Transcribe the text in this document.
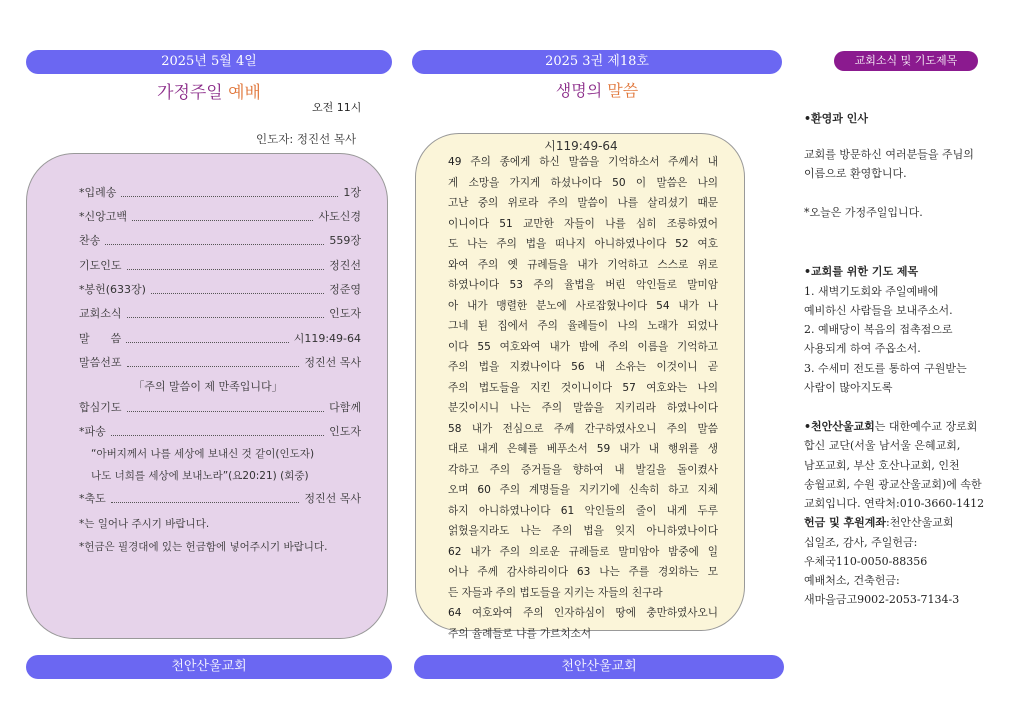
2025년 5월 4일
가정주일 예배
오전 11시
인도자: 정진선 목사
*입례송	1장
*신앙고백	사도신경
찬송	559장
기도인도	정진선
*봉헌(633장)	정준영
교회소식	인도자
말      씀	시119:49-64
말씀선포	정진선 목사
「주의 말씀이 제 만족입니다」
합심기도	다함께
*파송	인도자
“아버지께서 나를 세상에 보내신 것 같이(인도자)
나도 너희를 세상에 보내노라”(요20:21) (회중)
*축도	정진선 목사
*는 일어나 주시기 바랍니다.
*헌금은 필경대에 있는 헌금함에 넣어주시기 바랍니다.
천안산울교회
2025 3권 제18호
생명의 말씀
시119:49-64
49 주의 종에게 하신 말씀을 기억하소서 주께서 내
게 소망을 가지게 하셨나이다 50 이 말씀은 나의
고난 중의 위로라 주의 말씀이 나를 살리셨기 때문
이니이다 51 교만한 자들이 나를 심히 조롱하였어
도 나는 주의 법을 떠나지 아니하였나이다 52 여호
와여 주의 옛 규례들을 내가 기억하고 스스로 위로
하였나이다 53 주의 율법을 버린 악인들로 말미암
아 내가 맹렬한 분노에 사로잡혔나이다 54 내가 나
그네 된 집에서 주의 율례들이 나의 노래가 되었나
이다 55 여호와여 내가 밤에 주의 이름을 기억하고
주의 법을 지켰나이다 56 내 소유는 이것이니 곧
주의 법도들을 지킨 것이니이다 57 여호와는 나의
분깃이시니 나는 주의 말씀을 지키리라 하였나이다
58 내가 전심으로 주께 간구하였사오니 주의 말씀
대로 내게 은혜를 베푸소서 59 내가 내 행위를 생
각하고 주의 증거들을 향하여 내 발길을 돌이켰사
오며 60 주의 계명들을 지키기에 신속히 하고 지체
하지 아니하였나이다 61 악인들의 줄이 내게 두루
얽혔을지라도 나는 주의 법을 잊지 아니하였나이다
62 내가 주의 의로운 규례들로 말미암아 밤중에 일
어나 주께 감사하리이다 63 나는 주를 경외하는 모
든 자들과 주의 법도들을 지키는 자들의 친구라
64 여호와여 주의 인자하심이 땅에 충만하였사오니
주의 율례들로 나를 가르치소서
천안산울교회
교회소식 및 기도제목
•환영과 인사
교회를 방문하신 여러분들을 주님의
이름으로 환영합니다.
*오늘은 가정주일입니다.
•교회를 위한 기도 제목
1. 새벽기도회와 주일예배에
예비하신 사람들을 보내주소서.
2. 예배당이 복음의 접촉점으로
사용되게 하여 주옵소서.
3. 수세미 전도를 통하여 구원받는
사람이 많아지도록
•천안산울교회는 대한예수교 장로회
합신 교단(서울 남서울 은혜교회,
남포교회, 부산 호산나교회, 인천
송월교회, 수원 광교산울교회)에 속한
교회입니다. 연락처:010-3660-1412
헌금 및 후원계좌:천안산울교회
십일조, 감사, 주일헌금:
우체국110-0050-88356
예배처소, 건축헌금:
새마을금고9002-2053-7134-3
